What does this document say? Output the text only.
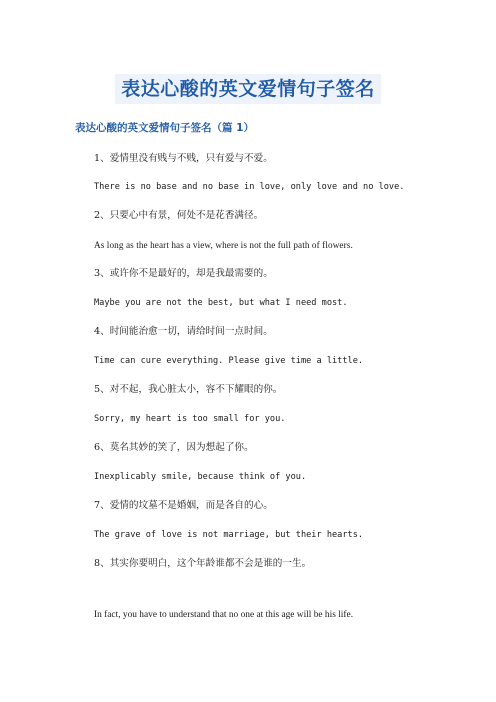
表达心酸的英文爱情句子签名
表达心酸的英文爱情句子签名（篇 1）

1、爱情里没有贱与不贱，只有爱与不爱。

There is no base and no base in love, only love and no love.

2、只要心中有景，何处不是花香满径。

As long as the heart has a view, where is not the full path of flowers.

3、或许你不是最好的，却是我最需要的。

Maybe you are not the best, but what I need most.

4、时间能治愈一切，请给时间一点时间。

Time can cure everything. Please give time a little.

5、对不起，我心脏太小，容不下耀眼的你。

Sorry, my heart is too small for you.

6、莫名其妙的笑了，因为想起了你。

Inexplicably smile, because think of you.

7、爱情的坟墓不是婚姻，而是各自的心。

The grave of love is not marriage, but their hearts.

8、其实你要明白，这个年龄谁都不会是谁的一生。

In fact, you have to understand that no one at this age will be his life.
